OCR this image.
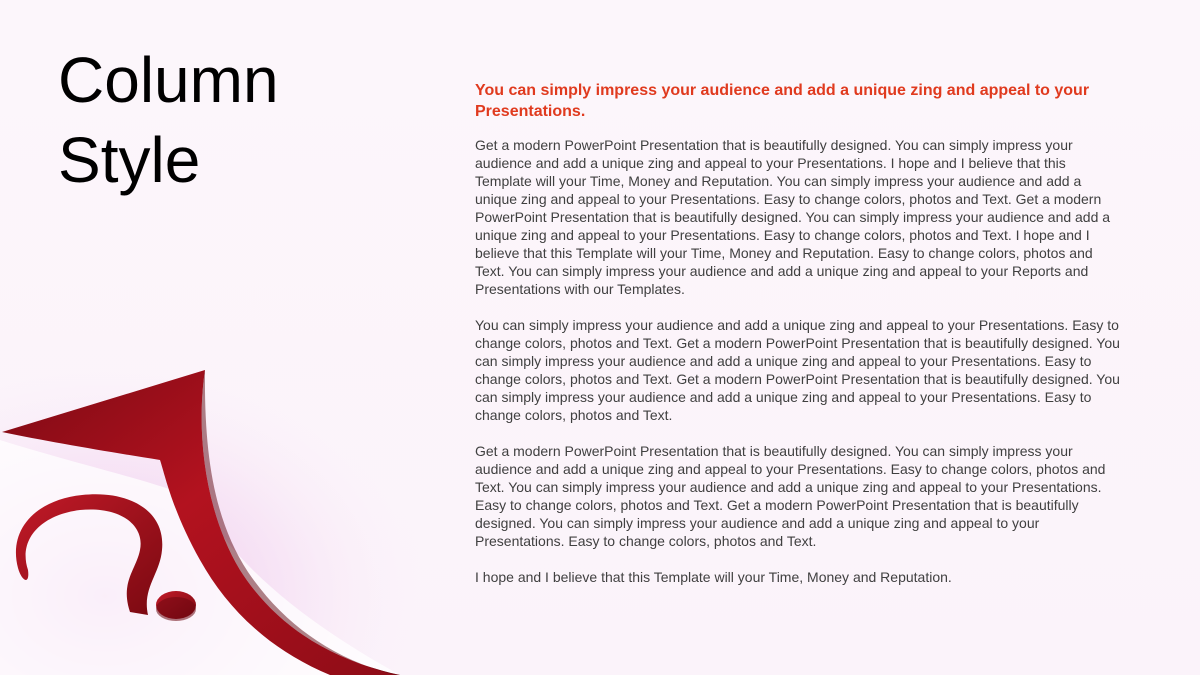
Column
Style

You can simply impress your audience and add a unique zing and appeal to your Presentations.

Get a modern PowerPoint Presentation that is beautifully designed. You can simply impress your audience and add a unique zing and appeal to your Presentations. I hope and I believe that this Template will your Time, Money and Reputation. You can simply impress your audience and add a unique zing and appeal to your Presentations. Easy to change colors, photos and Text. Get a modern PowerPoint Presentation that is beautifully designed. You can simply impress your audience and add a unique zing and appeal to your Presentations. Easy to change colors, photos and Text. I hope and I believe that this Template will your Time, Money and Reputation. Easy to change colors, photos and Text. You can simply impress your audience and add a unique zing and appeal to your Reports and Presentations with our Templates.

You can simply impress your audience and add a unique zing and appeal to your Presentations. Easy to change colors, photos and Text. Get a modern PowerPoint Presentation that is beautifully designed. You can simply impress your audience and add a unique zing and appeal to your Presentations. Easy to change colors, photos and Text. Get a modern PowerPoint Presentation that is beautifully designed. You can simply impress your audience and add a unique zing and appeal to your Presentations. Easy to change colors, photos and Text.

Get a modern PowerPoint Presentation that is beautifully designed. You can simply impress your audience and add a unique zing and appeal to your Presentations. Easy to change colors, photos and Text. You can simply impress your audience and add a unique zing and appeal to your Presentations. Easy to change colors, photos and Text. Get a modern PowerPoint Presentation that is beautifully designed. You can simply impress your audience and add a unique zing and appeal to your Presentations. Easy to change colors, photos and Text.

I hope and I believe that this Template will your Time, Money and Reputation.
